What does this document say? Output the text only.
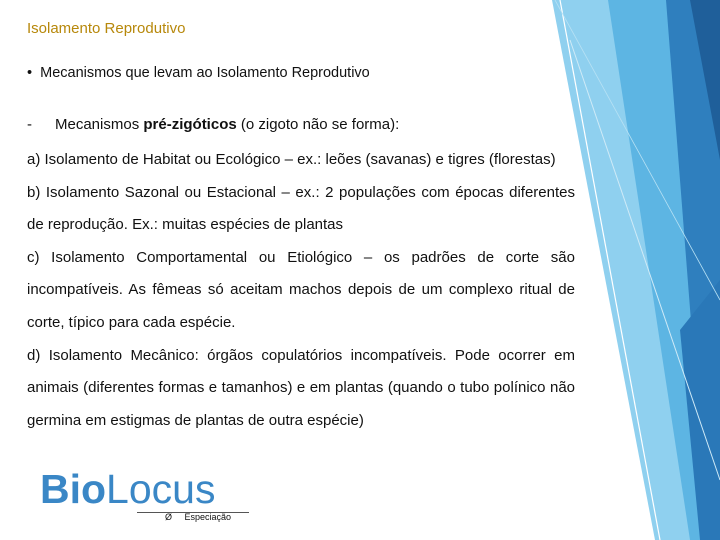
Isolamento Reprodutivo
• Mecanismos que levam ao Isolamento Reprodutivo
- Mecanismos pré-zigóticos (o zigoto não se forma):

a) Isolamento de Habitat ou Ecológico – ex.: leões (savanas) e tigres (florestas)

b) Isolamento Sazonal ou Estacional – ex.: 2 populações com épocas diferentes de reprodução. Ex.: muitas espécies de plantas

c) Isolamento Comportamental ou Etiológico – os padrões de corte são incompatíveis. As fêmeas só aceitam machos depois de um complexo ritual de corte, típico para cada espécie.

d) Isolamento Mecânico: órgãos copulatórios incompatíveis. Pode ocorrer em animais (diferentes formas e tamanhos) e em plantas (quando o tubo polínico não germina em estigmas de plantas de outra espécie)

BioLocus
Ø Especiação
